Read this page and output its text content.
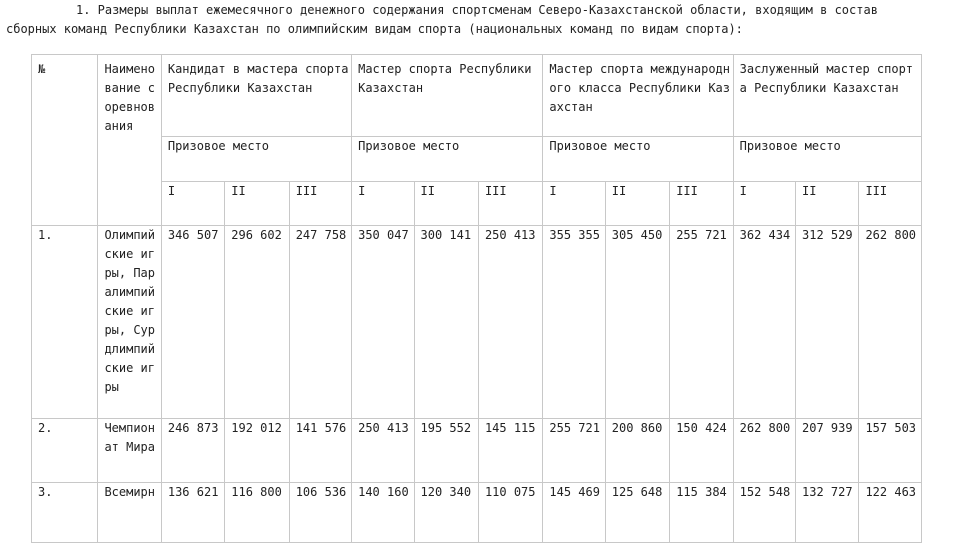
1. Размеры выплат ежемесячного денежного содержания спортсменам Северо-Казахстанской области, входящим в состав
сборных команд Республики Казахстан по олимпийским видам спорта (национальных команд по видам спорта):
№	Наименование соревнования	Кандидат в мастера спорта Республики Казахстан			Мастер спорта Республики Казахстан			Мастер спорта международного класса Республики Казахстан			Заслуженный мастер спорта Республики Казахстан		
		Призовое место			Призовое место			Призовое место			Призовое место		
		I	II	III	I	II	III	I	II	III	I	II	III
1.	Олимпийские игры, Паралимпийские игры, Сурдлимпийские игры	346 507	296 602	247 758	350 047	300 141	250 413	355 355	305 450	255 721	362 434	312 529	262 800
2.	Чемпионат Мира	246 873	192 012	141 576	250 413	195 552	145 115	255 721	200 860	150 424	262 800	207 939	157 503
3.	Всемирн	136 621	116 800	106 536	140 160	120 340	110 075	145 469	125 648	115 384	152 548	132 727	122 463
